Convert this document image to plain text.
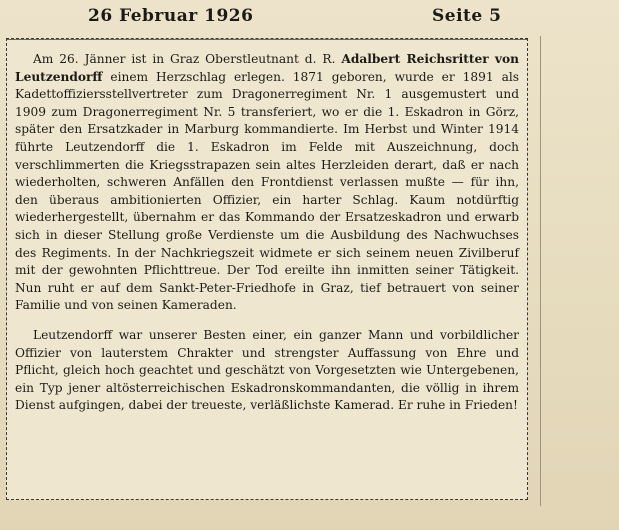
26 Februar 1926	Seite 5

Am 26. Jänner ist in Graz Oberstleutnant d. R. Adalbert Reichsritter von Leutzendorff einem Herzschlag erlegen. 1871 geboren, wurde er 1891 als Kadettoffiziersstellvertreter zum Dragonerregiment Nr. 1 ausgemustert und 1909 zum Dragonerregiment Nr. 5 transferiert, wo er die 1. Eskadron in Görz, später den Ersatzkader in Marburg kommandierte. Im Herbst und Winter 1914 führte Leutzendorff die 1. Eskadron im Felde mit Auszeichnung, doch verschlimmerten die Kriegsstrapazen sein altes Herzleiden derart, daß er nach wiederholten, schweren Anfällen den Frontdienst verlassen mußte — für ihn, den überaus ambitionierten Offizier, ein harter Schlag. Kaum notdürftig wiederhergestellt, übernahm er das Kommando der Ersatzeskadron und erwarb sich in dieser Stellung große Verdienste um die Ausbildung des Nachwuchses des Regiments. In der Nachkriegszeit widmete er sich seinem neuen Zivilberuf mit der gewohnten Pflichttreue. Der Tod ereilte ihn inmitten seiner Tätigkeit. Nun ruht er auf dem Sankt-Peter-Friedhofe in Graz, tief betrauert von seiner Familie und von seinen Kameraden.

Leutzendorff war unserer Besten einer, ein ganzer Mann und vorbildlicher Offizier von lauterstem Chrakter und strengster Auffassung von Ehre und Pflicht, gleich hoch geachtet und geschätzt von Vorgesetzten wie Untergebenen, ein Typ jener altösterreichischen Eskadronskommandanten, die völlig in ihrem Dienst aufgingen, dabei der treueste, verläßlichste Kamerad. Er ruhe in Frieden!
